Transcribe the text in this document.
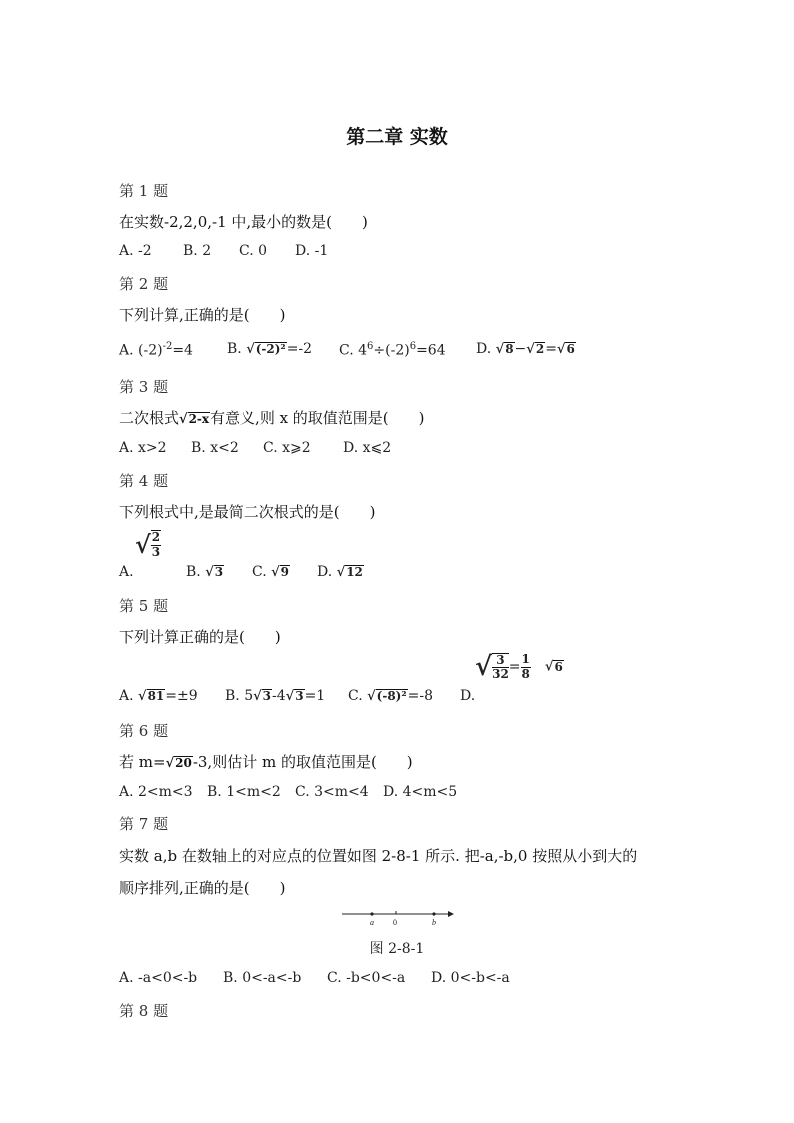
第二章 实数
第 1 题
在实数-2,2,0,-1 中,最小的数是(　　)
A. -2 B. 2 C. 0 D. -1
第 2 题
下列计算,正确的是(　　)
A. $(-2)^{-2}=4$ B. √(-2)²=-2 C. $4^6\div(-2)^6=64$ D. √8−√2=√6
第 3 题
二次根式√2-x有意义,则 x 的取值范围是(　　)
A. x>2 B. x<2 C. x⩾2 D. x⩽2
第 4 题
下列根式中,是最简二次根式的是(　　)
A.
√ $\frac{2}{3}$
B. √3 C. √9 D. √12
第 5 题
下列计算正确的是(　　)
A. √81=±9 B. 5√3-4√3=1 C. √(-8)²=-8 D.
√ $\frac{3}{32} = \frac{1}{8} √6$
第 6 题
若 m=√20-3,则估计 m 的取值范围是(　　)
A. 2<m<3 B. 1<m<2 C. 3<m<4 D. 4<m<5
第 7 题
实数 a,b 在数轴上的对应点的位置如图 2-8-1 所示. 把-a,-b,0 按照从小到大的
顺序排列,正确的是(　　)
a 0	b
图 2-8-1
A. -a<0<-b B. 0<-a<-b C. -b<0<-a D. 0<-b<-a
第 8 题
